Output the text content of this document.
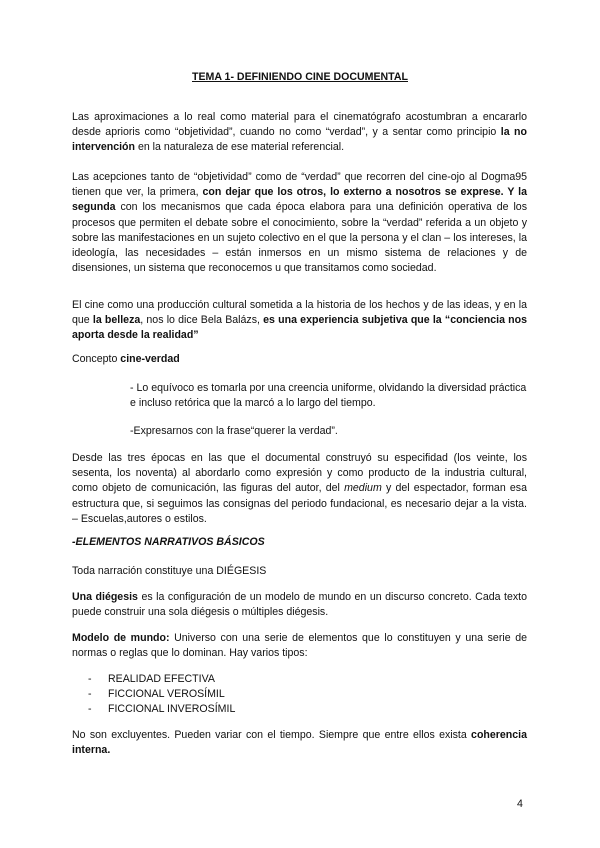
TEMA 1- DEFINIENDO CINE DOCUMENTAL

Las aproximaciones a lo real como material para el cinematógrafo acostumbran a encararlo desde aprioris como “objetividad”, cuando no como “verdad”, y a sentar como principio la no intervención en la naturaleza de ese material referencial.

Las acepciones tanto de “objetividad” como de “verdad” que recorren del cine-ojo al Dogma95 tienen que ver, la primera, con dejar que los otros, lo externo a nosotros se exprese. Y la segunda con los mecanismos que cada época elabora para una definición operativa de los procesos que permiten el debate sobre el conocimiento, sobre la “verdad” referida a un objeto y sobre las manifestaciones en un sujeto colectivo en el que la persona y el clan – los intereses, la ideología, las necesidades – están inmersos en un mismo sistema de relaciones y de disensiones, un sistema que reconocemos u que transitamos como sociedad.

El cine como una producción cultural sometida a la historia de los hechos y de las ideas, y en la que la belleza, nos lo dice Bela Balázs, es una experiencia subjetiva que la “conciencia nos aporta desde la realidad”

Concepto cine-verdad

- Lo equívoco es tomarla por una creencia uniforme, olvidando la diversidad práctica e incluso retórica que la marcó a lo largo del tiempo.

-Expresarnos con la frase“querer la verdad”.

Desde las tres épocas en las que el documental construyó su especifidad (los veinte, los sesenta, los noventa) al abordarlo como expresión y como producto de la industria cultural, como objeto de comunicación, las figuras del autor, del medium y del espectador, forman esa estructura que, si seguimos las consignas del periodo fundacional, es necesario dejar a la vista. – Escuelas,autores o estilos.

-ELEMENTOS NARRATIVOS BÁSICOS

Toda narración constituye una DIÉGESIS

Una diégesis es la configuración de un modelo de mundo en un discurso concreto. Cada texto puede construir una sola diégesis o múltiples diégesis.

Modelo de mundo: Universo con una serie de elementos que lo constituyen y una serie de normas o reglas que lo dominan. Hay varios tipos:

- REALIDAD EFECTIVA
- FICCIONAL VEROSÍMIL
- FICCIONAL INVEROSÍMIL

No son excluyentes. Pueden variar con el tiempo. Siempre que entre ellos exista coherencia interna.

4
